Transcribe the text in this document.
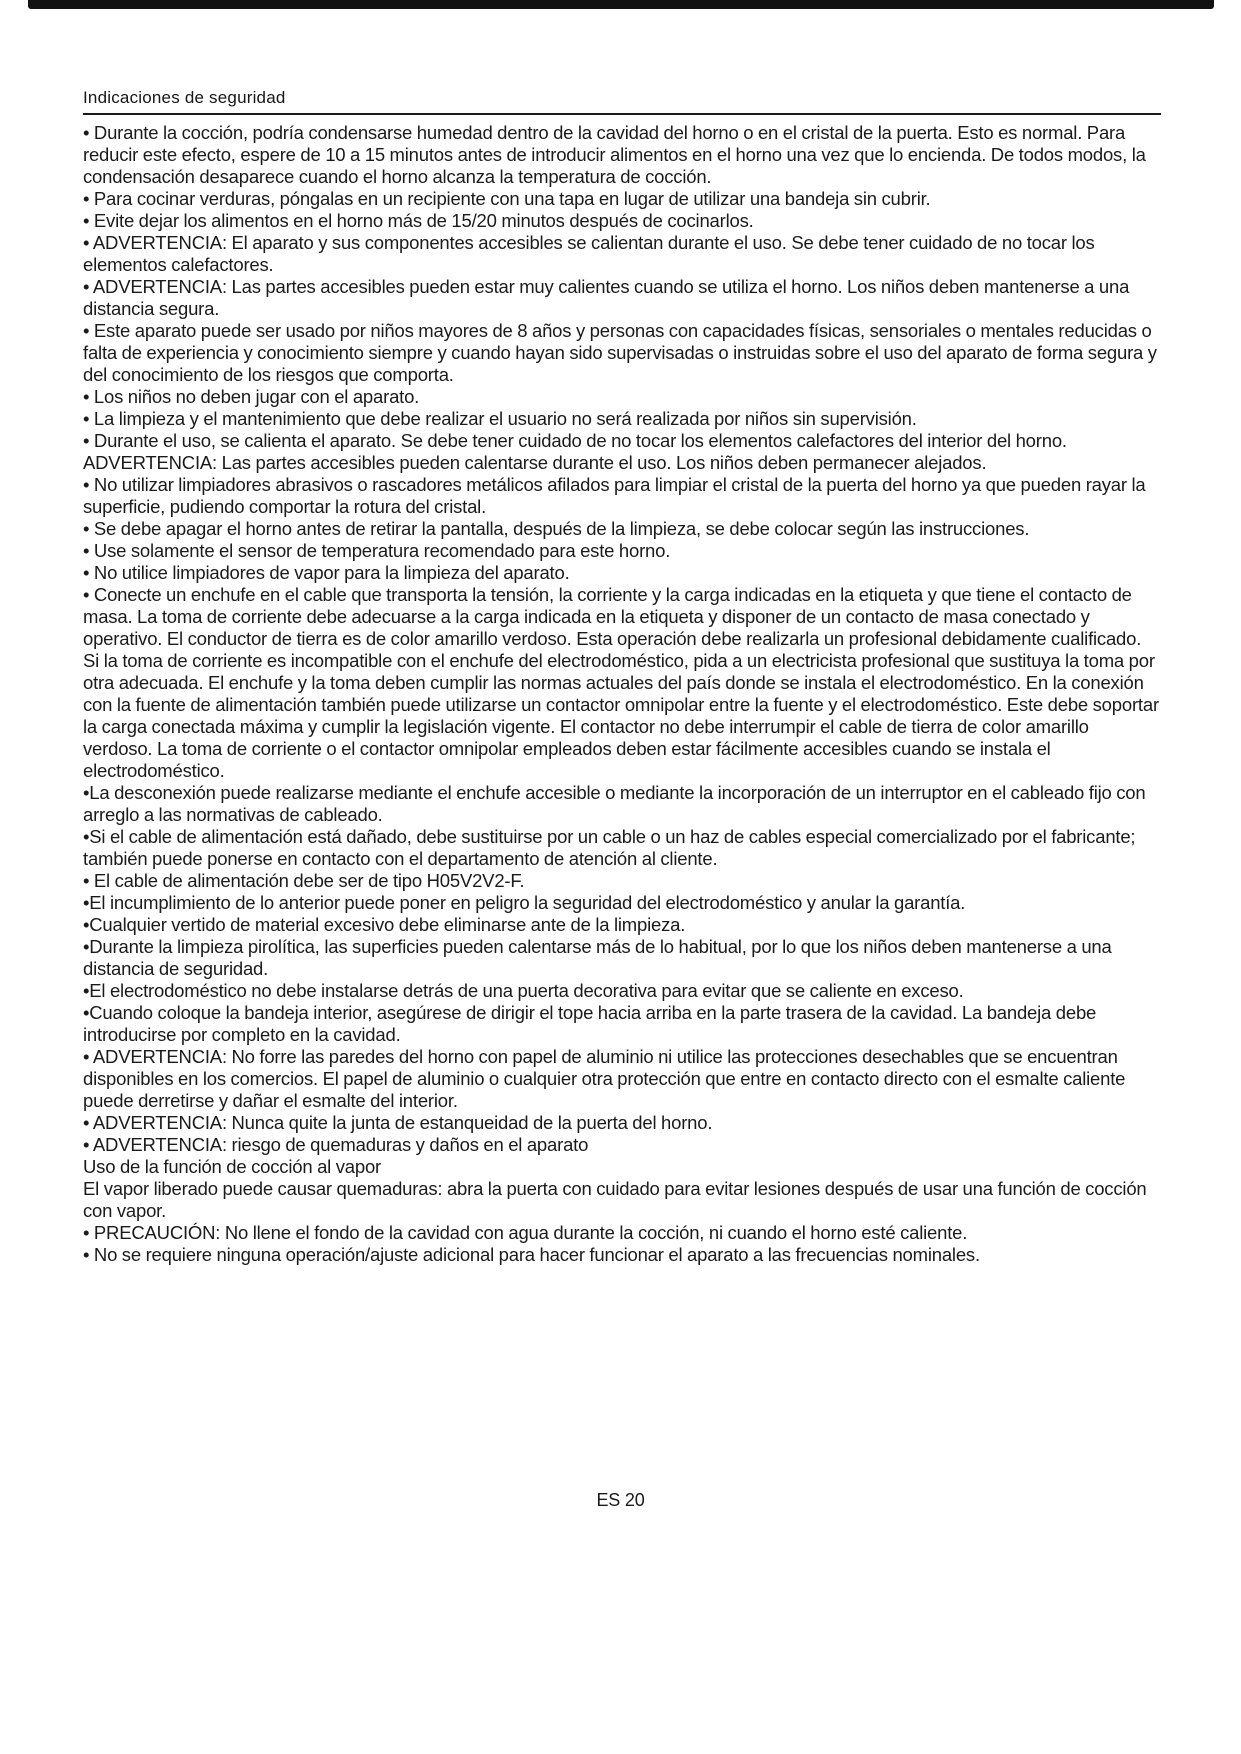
Indicaciones de seguridad
• Durante la cocción, podría condensarse humedad dentro de la cavidad del horno o en el cristal de la puerta. Esto es normal. Para reducir este efecto, espere de 10 a 15 minutos antes de introducir alimentos en el horno una vez que lo encienda. De todos modos, la condensación desaparece cuando el horno alcanza la temperatura de cocción.
• Para cocinar verduras, póngalas en un recipiente con una tapa en lugar de utilizar una bandeja sin cubrir.
• Evite dejar los alimentos en el horno más de 15/20 minutos después de cocinarlos.
• ADVERTENCIA: El aparato y sus componentes accesibles se calientan durante el uso. Se debe tener cuidado de no tocar los elementos calefactores.
• ADVERTENCIA: Las partes accesibles pueden estar muy calientes cuando se utiliza el horno. Los niños deben mantenerse a una distancia segura.
• Este aparato puede ser usado por niños mayores de 8 años y personas con capacidades físicas, sensoriales o mentales reducidas o falta de experiencia y conocimiento siempre y cuando hayan sido supervisadas o instruidas sobre el uso del aparato de forma segura y del conocimiento de los riesgos que comporta.
• Los niños no deben jugar con el aparato.
• La limpieza y el mantenimiento que debe realizar el usuario no será realizada por niños sin supervisión.
• Durante el uso, se calienta el aparato. Se debe tener cuidado de no tocar los elementos calefactores del interior del horno.
ADVERTENCIA: Las partes accesibles pueden calentarse durante el uso. Los niños deben permanecer alejados.
• No utilizar limpiadores abrasivos o rascadores metálicos afilados para limpiar el cristal de la puerta del horno ya que pueden rayar la superficie, pudiendo comportar la rotura del cristal.
• Se debe apagar el horno antes de retirar la pantalla, después de la limpieza, se debe colocar según las instrucciones.
• Use solamente el sensor de temperatura recomendado para este horno.
• No utilice limpiadores de vapor para la limpieza del aparato.
• Conecte un enchufe en el cable que transporta la tensión, la corriente y la carga indicadas en la etiqueta y que tiene el contacto de masa. La toma de corriente debe adecuarse a la carga indicada en la etiqueta y disponer de un contacto de masa conectado y operativo. El conductor de tierra es de color amarillo verdoso. Esta operación debe realizarla un profesional debidamente cualificado. Si la toma de corriente es incompatible con el enchufe del electrodoméstico, pida a un electricista profesional que sustituya la toma por otra adecuada. El enchufe y la toma deben cumplir las normas actuales del país donde se instala el electrodoméstico. En la conexión con la fuente de alimentación también puede utilizarse un contactor omnipolar entre la fuente y el electrodoméstico. Este debe soportar la carga conectada máxima y cumplir la legislación vigente. El contactor no debe interrumpir el cable de tierra de color amarillo verdoso. La toma de corriente o el contactor omnipolar empleados deben estar fácilmente accesibles cuando se instala el electrodoméstico.
•La desconexión puede realizarse mediante el enchufe accesible o mediante la incorporación de un interruptor en el cableado fijo con arreglo a las normativas de cableado.
•Si el cable de alimentación está dañado, debe sustituirse por un cable o un haz de cables especial comercializado por el fabricante; también puede ponerse en contacto con el departamento de atención al cliente.
• El cable de alimentación debe ser de tipo H05V2V2-F.
•El incumplimiento de lo anterior puede poner en peligro la seguridad del electrodoméstico y anular la garantía.
•Cualquier vertido de material excesivo debe eliminarse ante de la limpieza.
•Durante la limpieza pirolítica, las superficies pueden calentarse más de lo habitual, por lo que los niños deben mantenerse a una distancia de seguridad.
•El electrodoméstico no debe instalarse detrás de una puerta decorativa para evitar que se caliente en exceso.
•Cuando coloque la bandeja interior, asegúrese de dirigir el tope hacia arriba en la parte trasera de la cavidad. La bandeja debe introducirse por completo en la cavidad.
• ADVERTENCIA: No forre las paredes del horno con papel de aluminio ni utilice las protecciones desechables que se encuentran disponibles en los comercios. El papel de aluminio o cualquier otra protección que entre en contacto directo con el esmalte caliente puede derretirse y dañar el esmalte del interior.
• ADVERTENCIA: Nunca quite la junta de estanqueidad de la puerta del horno.
• ADVERTENCIA: riesgo de quemaduras y daños en el aparato
Uso de la función de cocción al vapor
El vapor liberado puede causar quemaduras: abra la puerta con cuidado para evitar lesiones después de usar una función de cocción con vapor.
• PRECAUCIÓN: No llene el fondo de la cavidad con agua durante la cocción, ni cuando el horno esté caliente.
• No se requiere ninguna operación/ajuste adicional para hacer funcionar el aparato a las frecuencias nominales.
ES 20
